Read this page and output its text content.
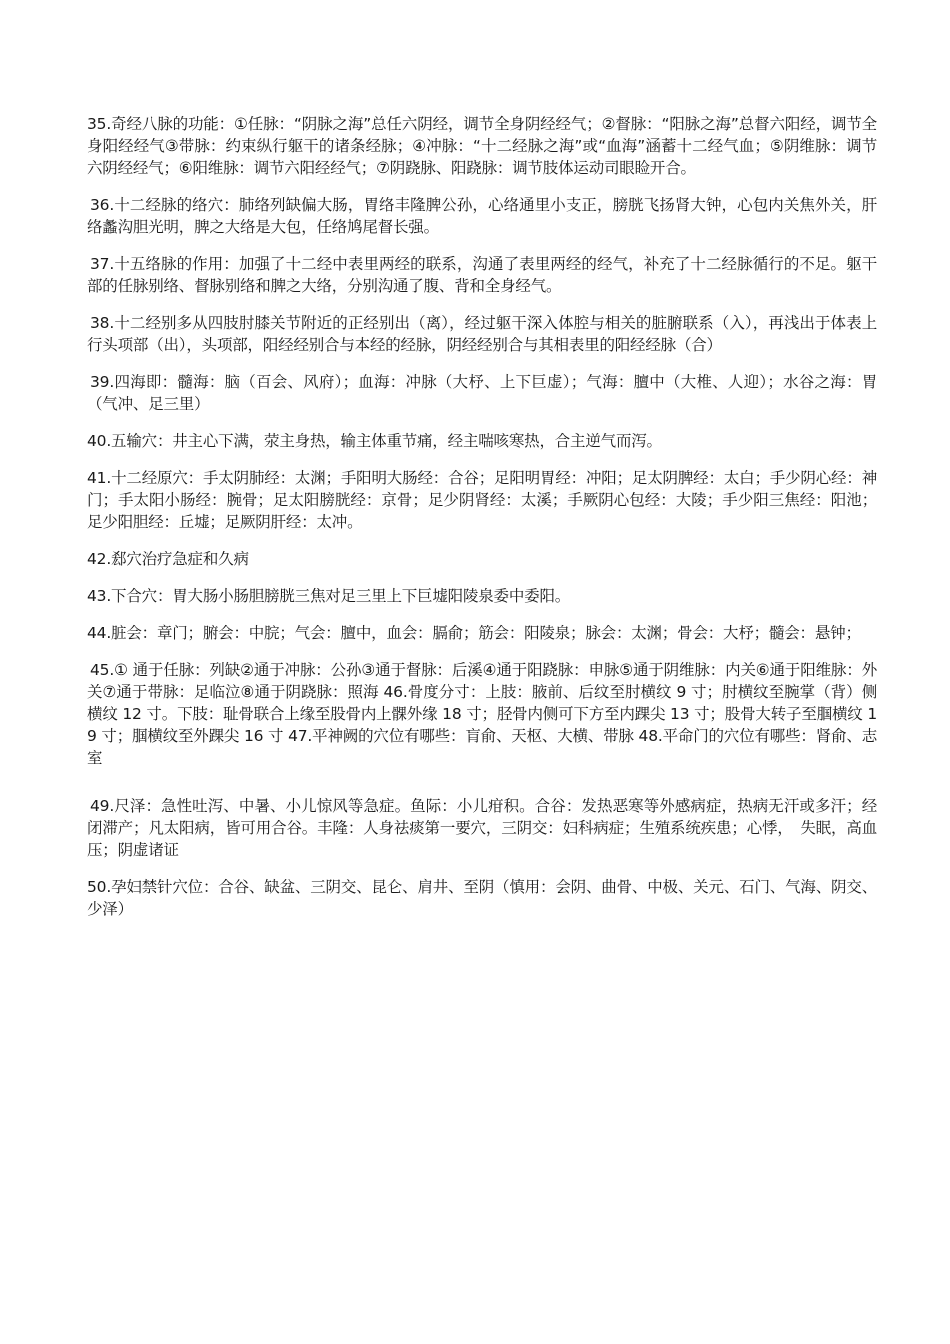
35.奇经八脉的功能：①任脉：“阴脉之海”总任六阴经，调节全身阴经经气；②督脉：“阳脉之海”总督六阳经，调节全身阳经经气③带脉：约束纵行躯干的诸条经脉；④冲脉：“十二经脉之海”或“血海”涵蓄十二经气血；⑤阴维脉：调节六阴经经气；⑥阳维脉：调节六阳经经气；⑦阴跷脉、阳跷脉：调节肢体运动司眼睑开合。

36.十二经脉的络穴：肺络列缺偏大肠，胃络丰隆脾公孙，心络通里小支正，膀胱飞扬肾大钟，心包内关焦外关，肝络蠡沟胆光明，脾之大络是大包，任络鸠尾督长强。

37.十五络脉的作用：加强了十二经中表里两经的联系，沟通了表里两经的经气，补充了十二经脉循行的不足。躯干部的任脉别络、督脉别络和脾之大络，分别沟通了腹、背和全身经气。

38.十二经别多从四肢肘膝关节附近的正经别出（离），经过躯干深入体腔与相关的脏腑联系（入），再浅出于体表上行头项部（出），头项部，阳经经别合与本经的经脉，阴经经别合与其相表里的阳经经脉（合）

39.四海即：髓海：脑（百会、风府）；血海：冲脉（大杼、上下巨虚）；气海：膻中（大椎、人迎）；水谷之海：胃（气冲、足三里）

40.五输穴：井主心下满，荥主身热，输主体重节痛，经主喘咳寒热，合主逆气而泻。

41.十二经原穴：手太阴肺经：太渊；手阳明大肠经：合谷；足阳明胃经：冲阳；足太阴脾经：太白；手少阴心经：神门；手太阳小肠经：腕骨；足太阳膀胱经：京骨；足少阴肾经：太溪；手厥阴心包经：大陵；手少阳三焦经：阳池；足少阳胆经：丘墟；足厥阴肝经：太冲。

42.郄穴治疗急症和久病

43.下合穴：胃大肠小肠胆膀胱三焦对足三里上下巨墟阳陵泉委中委阳。

44.脏会：章门；腑会：中脘；气会：膻中，血会：膈俞；筋会：阳陵泉；脉会：太渊；骨会：大杼；髓会：悬钟；

45.① 通于任脉：列缺②通于冲脉：公孙③通于督脉：后溪④通于阳跷脉：申脉⑤通于阴维脉：内关⑥通于阳维脉：外关⑦通于带脉：足临泣⑧通于阴跷脉：照海 46.骨度分寸：上肢：腋前、后纹至肘横纹 9 寸；肘横纹至腕掌（背）侧横纹 12 寸。下肢：耻骨联合上缘至股骨内上髁外缘 18 寸；胫骨内侧可下方至内踝尖 13 寸；股骨大转子至腘横纹 19 寸；腘横纹至外踝尖 16 寸 47.平神阙的穴位有哪些：肓俞、天枢、大横、带脉 48.平命门的穴位有哪些：肾俞、志室

49.尺泽：急性吐泻、中暑、小儿惊风等急症。鱼际：小儿疳积。合谷：发热恶寒等外感病症，热病无汗或多汗；经闭滞产；凡太阳病，皆可用合谷。丰隆：人身祛痰第一要穴，三阴交：妇科病症；生殖系统疾患；心悸，　失眠，高血压；阴虚诸证

50.孕妇禁针穴位：合谷、缺盆、三阴交、昆仑、肩井、至阴（慎用：会阴、曲骨、中极、关元、石门、气海、阴交、少泽）
